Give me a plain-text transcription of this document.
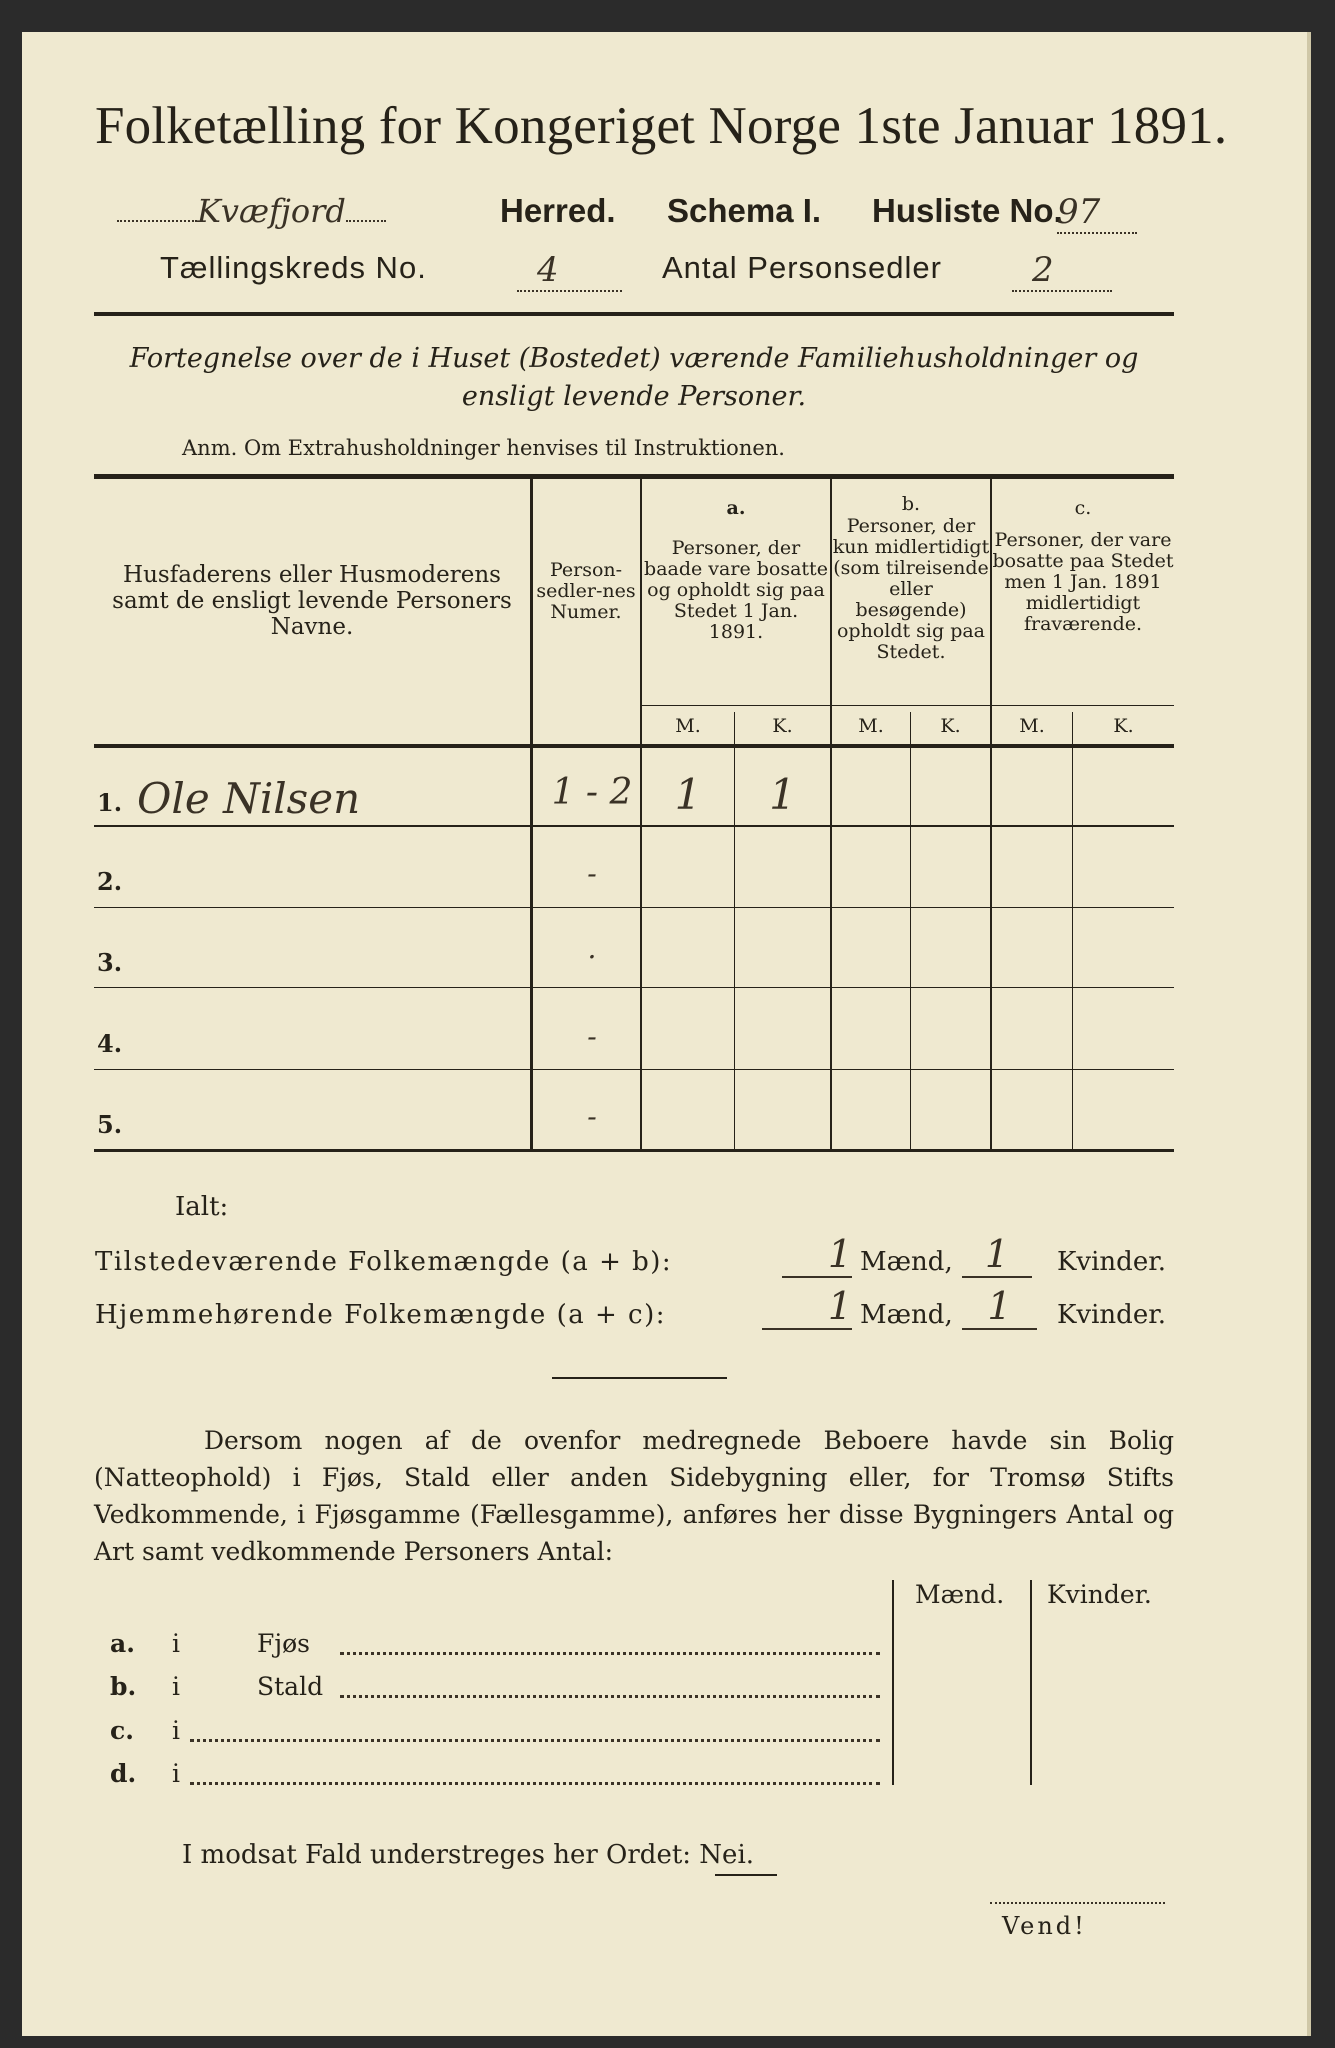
Folketælling for Kongeriget Norge 1ste Januar 1891.
Kvæfjord	Herred. Schema I. Husliste No.
97
Tællingskreds No.	4	Antal Personsedler	2
Fortegnelse over de i Huset (Bostedet) værende Familiehusholdninger og ensligt levende Personer.
Anm. Om Extrahusholdninger henvises til Instruktionen.
Husfaderens eller Husmoderens samt de ensligt levende Personers Navne.
Person-sedler-nes Numer.
a.
Personer, der baade vare bosatte og opholdt sig paa Stedet 1 Jan. 1891.
b.
Personer, der kun midlertidigt (som tilreisende eller besøgende) opholdt sig paa Stedet.
c.
Personer, der vare bosatte paa Stedet men 1 Jan. 1891 midlertidigt fraværende.
M.	K.	M.	K.	M.	K.
1. Ole Nilsen	1 - 2	1	1
2.	-
3.	.
4.	-
5.	-
Ialt:
Tilstedeværende Folkemængde (a + b):	1 Mænd, 1	Kvinder.
Hjemmehørende Folkemængde (a + c):	1 Mænd, 1	Kvinder.
Dersom nogen af de ovenfor medregnede Beboere havde sin Bolig (Natteophold) i Fjøs, Stald eller anden Sidebygning eller, for Tromsø Stifts Vedkommende, i Fjøsgamme (Fællesgamme), anføres her disse Bygningers Antal og Art samt vedkommende Personers Antal:
Mænd. Kvinder.
a. i	Fjøs
b. i	Stald
c. i
d. i
I modsat Fald understreges her Ordet: Nei.
Vend!
